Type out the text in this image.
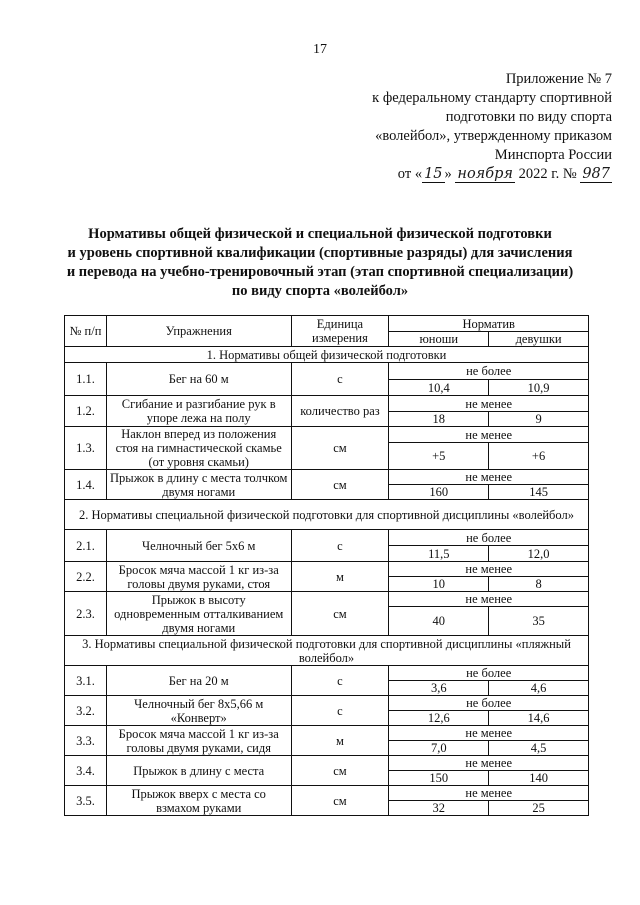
17
Приложение № 7
к федеральному стандарту спортивной
подготовки по виду спорта
«волейбол», утвержденному приказом
Минспорта России
от « 15 » ноября 2022 г. № 987
Нормативы общей физической и специальной физической подготовки
и уровень спортивной квалификации (спортивные разряды) для зачисления
и перевода на учебно-тренировочный этап (этап спортивной специализации)
по виду спорта «волейбол»
№ п/п	Упражнения	Единица измерения	Норматив	
			юноши	девушки
1. Нормативы общей физической подготовки				
1.1.	Бег на 60 м	с	не более	
			10,4	10,9
1.2.	Сгибание и разгибание рук в упоре лежа на полу	количество раз	не менее	
			18	9
1.3.	Наклон вперед из положения стоя на гимнастической скамье (от уровня скамьи)	см	не менее	
			+5	+6
1.4.	Прыжок в длину с места толчком двумя ногами	см	не менее	
			160	145
2. Нормативы специальной физической подготовки для спортивной дисциплины «волейбол»				
2.1.	Челночный бег 5х6 м	с	не более	
			11,5	12,0
2.2.	Бросок мяча массой 1 кг из-за головы двумя руками, стоя	м	не менее	
			10	8
2.3.	Прыжок в высоту одновременным отталкиванием двумя ногами	см	не менее	
			40	35
3. Нормативы специальной физической подготовки для спортивной дисциплины «пляжный волейбол»				
3.1.	Бег на 20 м	с	не более	
			3,6	4,6
3.2.	Челночный бег 8х5,66 м «Конверт»	с	не более	
			12,6	14,6
3.3.	Бросок мяча массой 1 кг из-за головы двумя руками, сидя	м	не менее	
			7,0	4,5
3.4.	Прыжок в длину с места	см	не менее	
			150	140
3.5.	Прыжок вверх с места со взмахом руками	см	не менее	
			32	25
